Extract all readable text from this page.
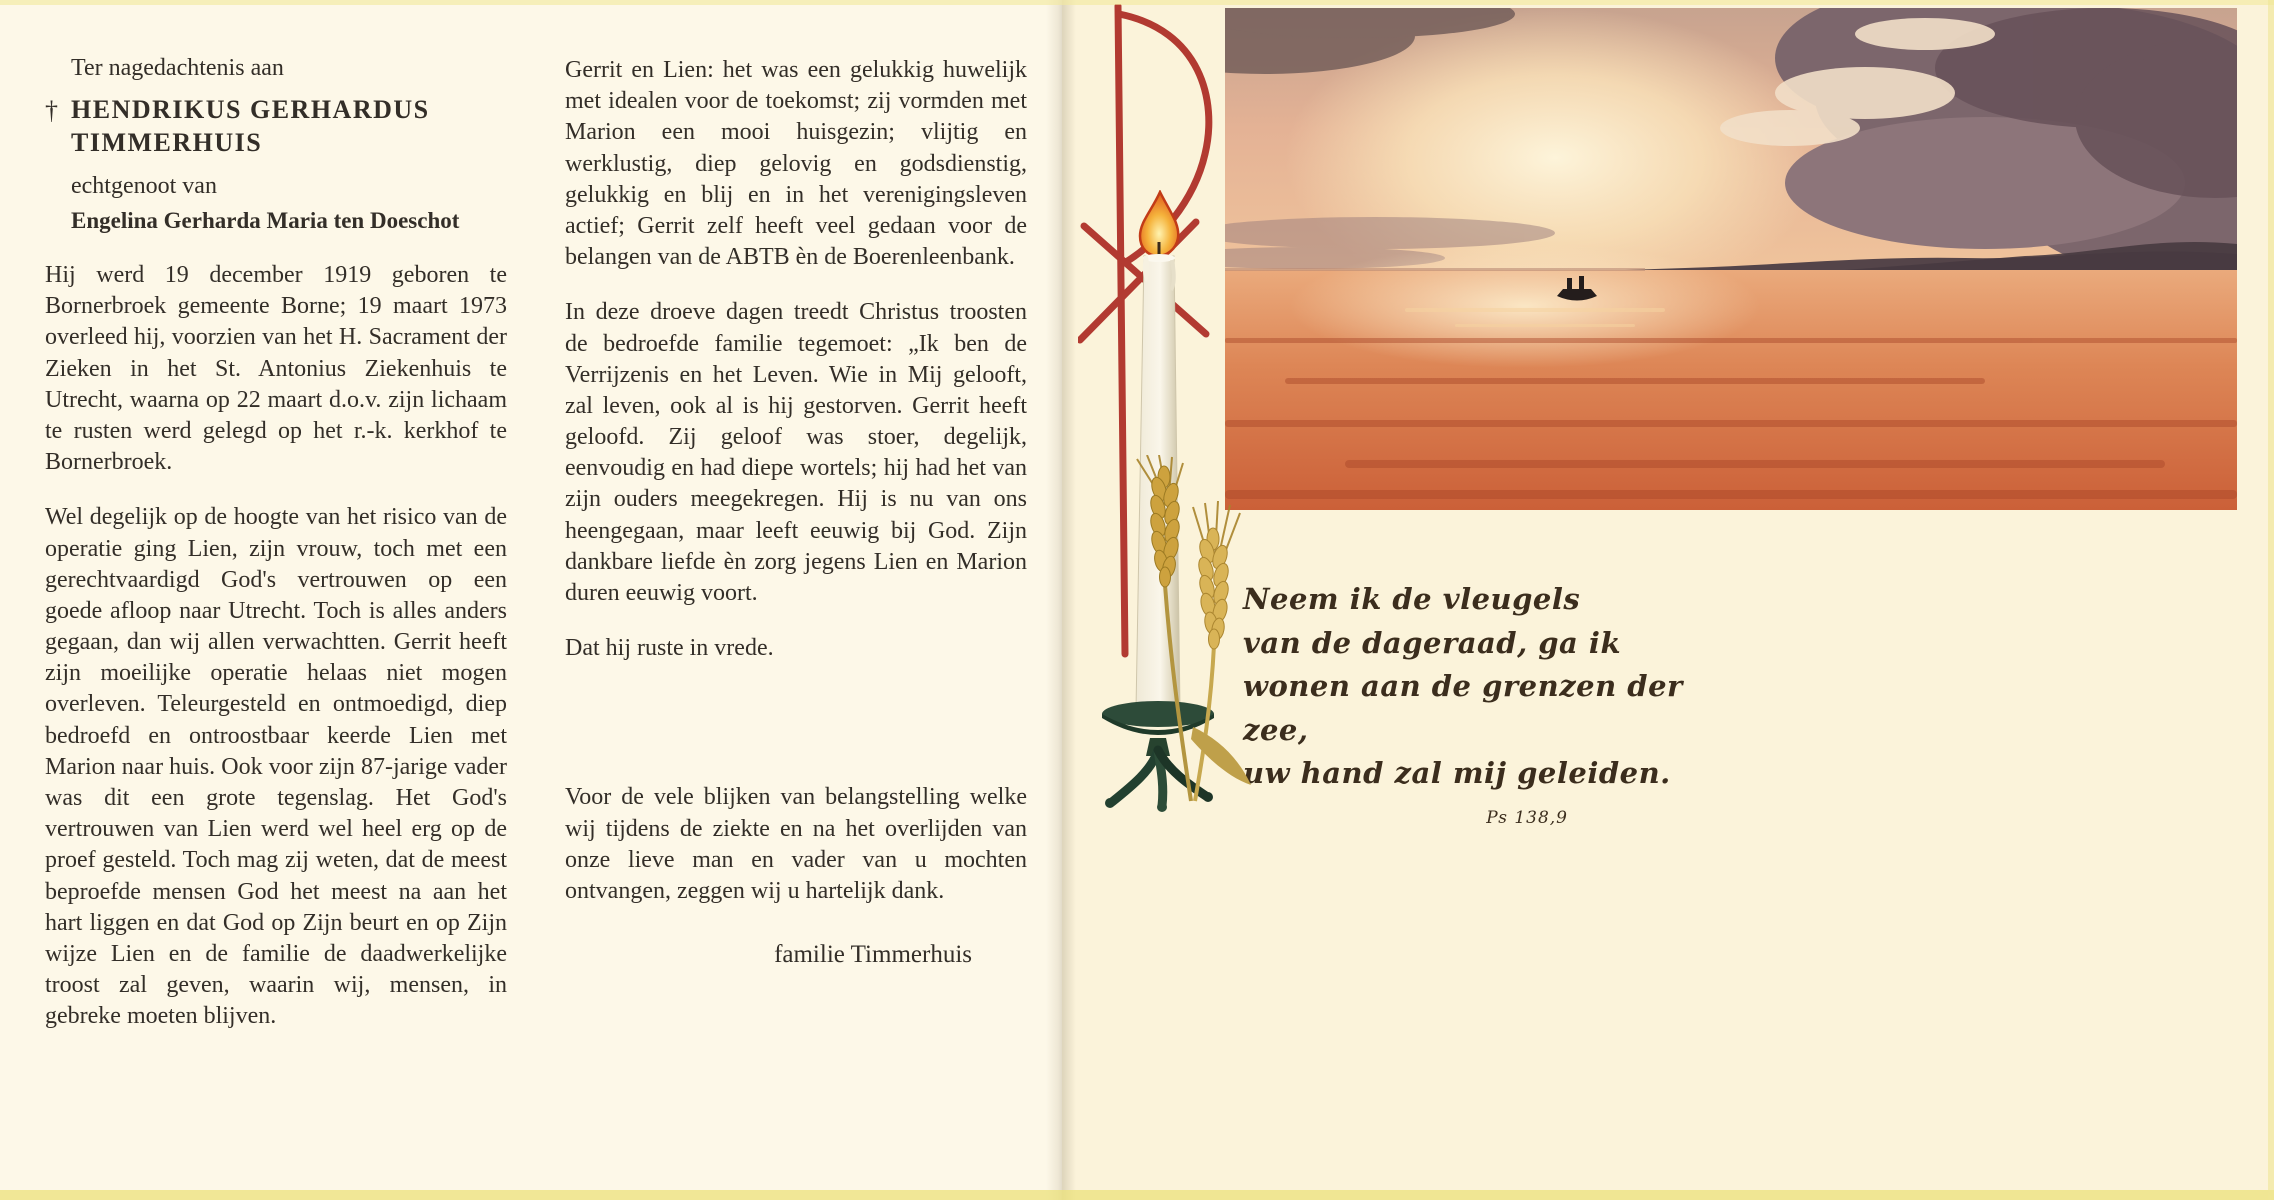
Ter nagedachtenis aan

† HENDRIKUS GERHARDUS TIMMERHUIS

echtgenoot van

Engelina Gerharda Maria ten Doeschot

Hij werd 19 december 1919 geboren te Bornerbroek gemeente Borne; 19 maart 1973 overleed hij, voorzien van het H. Sacrament der Zieken in het St. Antonius Ziekenhuis te Utrecht, waarna op 22 maart d.o.v. zijn lichaam te rusten werd gelegd op het r.-k. kerkhof te Bornerbroek.

Wel degelijk op de hoogte van het risico van de operatie ging Lien, zijn vrouw, toch met een gerechtvaardigd God's vertrouwen op een goede afloop naar Utrecht. Toch is alles anders gegaan, dan wij allen verwachtten. Gerrit heeft zijn moeilijke operatie helaas niet mogen overleven. Teleurgesteld en ontmoedigd, diep bedroefd en ontroostbaar keerde Lien met Marion naar huis. Ook voor zijn 87-jarige vader was dit een grote tegenslag. Het God's vertrouwen van Lien werd wel heel erg op de proef gesteld. Toch mag zij weten, dat de meest beproefde mensen God het meest na aan het hart liggen en dat God op Zijn beurt en op Zijn wijze Lien en de familie de daadwerkelijke troost zal geven, waarin wij, mensen, in gebreke moeten blijven.

Gerrit en Lien: het was een gelukkig huwelijk met idealen voor de toekomst; zij vormden met Marion een mooi huisgezin; vlijtig en werklustig, diep gelovig en godsdienstig, gelukkig en blij en in het verenigingsleven actief; Gerrit zelf heeft veel gedaan voor de belangen van de ABTB èn de Boerenleenbank.

In deze droeve dagen treedt Christus troosten de bedroefde familie tegemoet: „Ik ben de Verrijzenis en het Leven. Wie in Mij gelooft, zal leven, ook al is hij gestorven. Gerrit heeft geloofd. Zij geloof was stoer, degelijk, eenvoudig en had diepe wortels; hij had het van zijn ouders meegekregen. Hij is nu van ons heengegaan, maar leeft eeuwig bij God. Zijn dankbare liefde èn zorg jegens Lien en Marion duren eeuwig voort.

Dat hij ruste in vrede.

Voor de vele blijken van belangstelling welke wij tijdens de ziekte en na het overlijden van onze lieve man en vader van u mochten ontvangen, zeggen wij u hartelijk dank.

familie Timmerhuis

Neem ik de vleugels
van de dageraad, ga ik
wonen aan de grenzen der zee,
uw hand zal mij geleiden.
Ps 138,9
